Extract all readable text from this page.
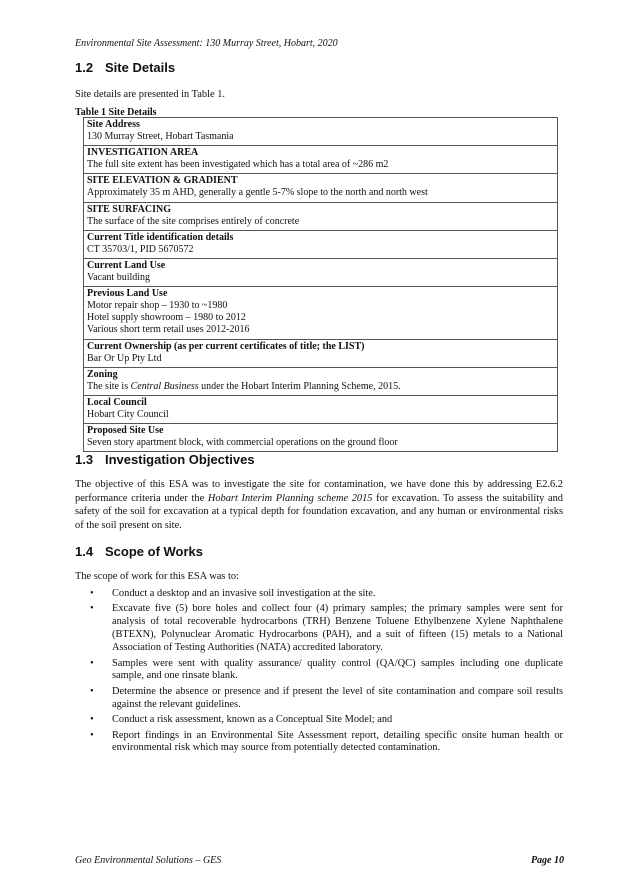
Environmental Site Assessment: 130 Murray Street, Hobart, 2020
1.2 Site Details
Site details are presented in Table 1.
Table 1 Site Details
Site Address
130 Murray Street, Hobart Tasmania

INVESTIGATION AREA
The full site extent has been investigated which has a total area of ~286 m2

SITE ELEVATION & GRADIENT
Approximately 35 m AHD, generally a gentle 5-7% slope to the north and north west

SITE SURFACING
The surface of the site comprises entirely of concrete

Current Title identification details
CT 35703/1, PID 5670572

Current Land Use
Vacant building

Previous Land Use
Motor repair shop – 1930 to ~1980
Hotel supply showroom – 1980 to 2012
Various short term retail uses 2012-2016

Current Ownership (as per current certificates of title; the LIST)
Bar Or Up Pty Ltd

Zoning
The site is Central Business under the Hobart Interim Planning Scheme, 2015.

Local Council
Hobart City Council

Proposed Site Use
Seven story apartment block, with commercial operations on the ground floor
1.3 Investigation Objectives
The objective of this ESA was to investigate the site for contamination, we have done this by addressing E2.6.2 performance criteria under the Hobart Interim Planning scheme 2015 for excavation. To assess the suitability and safety of the soil for excavation at a typical depth for foundation excavation, and any human or environmental risks of the soil present on site.
1.4 Scope of Works
The scope of work for this ESA was to:
• Conduct a desktop and an invasive soil investigation at the site.
• Excavate five (5) bore holes and collect four (4) primary samples; the primary samples were sent for analysis of total recoverable hydrocarbons (TRH) Benzene Toluene Ethylbenzene Xylene Naphthalene (BTEXN), Polynuclear Aromatic Hydrocarbons (PAH), and a suit of fifteen (15) metals to a National Association of Testing Authorities (NATA) accredited laboratory.
• Samples were sent with quality assurance/ quality control (QA/QC) samples including one duplicate sample, and one rinsate blank.
• Determine the absence or presence and if present the level of site contamination and compare soil results against the relevant guidelines.
• Conduct a risk assessment, known as a Conceptual Site Model; and
• Report findings in an Environmental Site Assessment report, detailing specific onsite human health or environmental risk which may source from potentially detected contamination.
Geo Environmental Solutions – GES	Page 10
